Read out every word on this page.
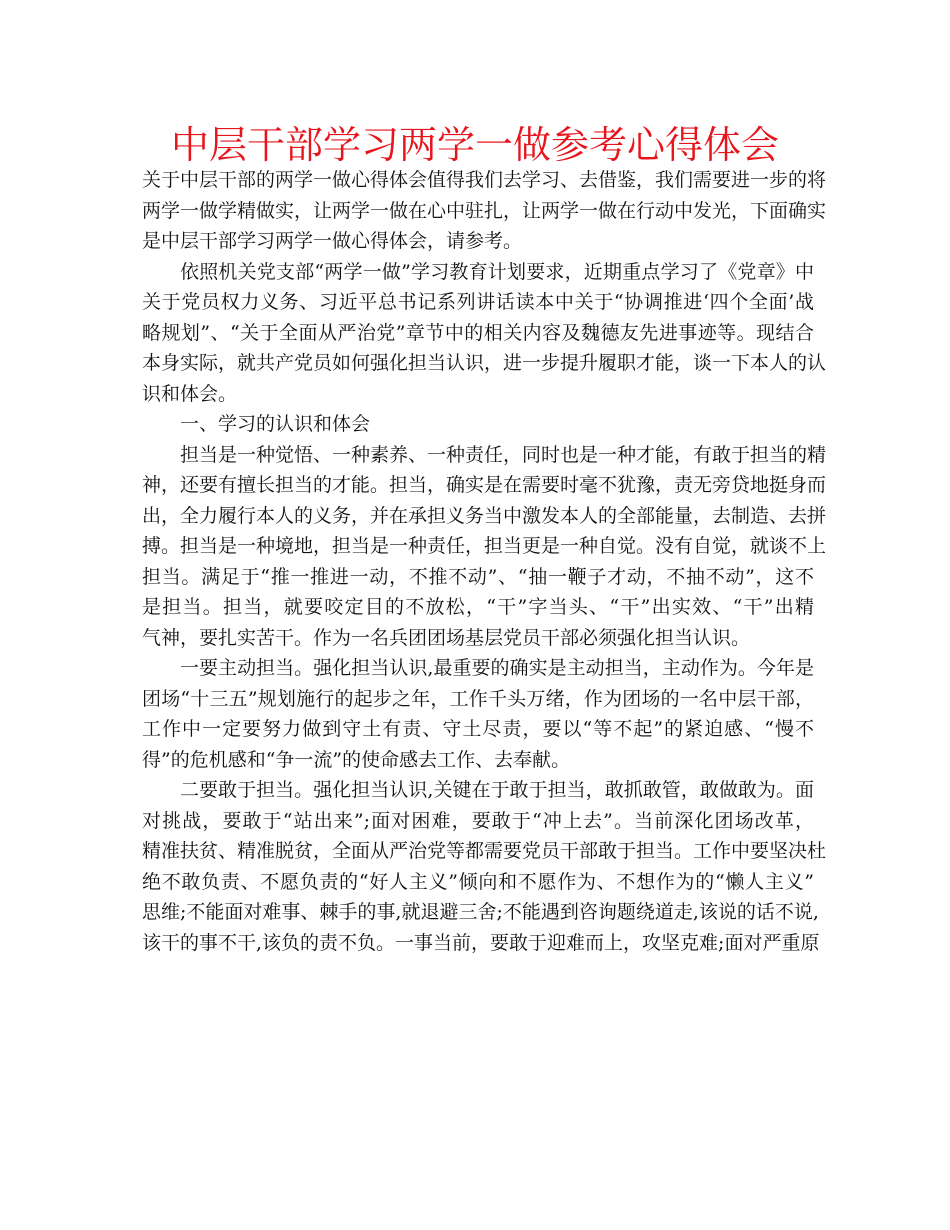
中层干部学习两学一做参考心得体会
关于中层干部的两学一做心得体会值得我们去学习、去借鉴，我们需要进一步的将
两学一做学精做实，让两学一做在心中驻扎，让两学一做在行动中发光，下面确实
是中层干部学习两学一做心得体会，请参考。
依照机关党支部“两学一做”学习教育计划要求，近期重点学习了《党章》中
关于党员权力义务、习近平总书记系列讲话读本中关于“协调推进‘四个全面’战
略规划”、“关于全面从严治党”章节中的相关内容及魏德友先进事迹等。现结合
本身实际，就共产党员如何强化担当认识，进一步提升履职才能，谈一下本人的认
识和体会。
一、学习的认识和体会
担当是一种觉悟、一种素养、一种责任，同时也是一种才能，有敢于担当的精
神，还要有擅长担当的才能。担当，确实是在需要时毫不犹豫，责无旁贷地挺身而
出，全力履行本人的义务，并在承担义务当中激发本人的全部能量，去制造、去拼
搏。担当是一种境地，担当是一种责任，担当更是一种自觉。没有自觉，就谈不上
担当。满足于“推一推进一动，不推不动”、“抽一鞭子才动，不抽不动”，这不
是担当。担当，就要咬定目的不放松，“干”字当头、“干”出实效、“干”出精
气神，要扎实苦干。作为一名兵团团场基层党员干部必须强化担当认识。
一要主动担当。强化担当认识,最重要的确实是主动担当，主动作为。今年是
团场“十三五”规划施行的起步之年，工作千头万绪，作为团场的一名中层干部，
工作中一定要努力做到守土有责、守土尽责，要以“等不起”的紧迫感、“慢不
得”的危机感和“争一流”的使命感去工作、去奉献。
二要敢于担当。强化担当认识,关键在于敢于担当，敢抓敢管，敢做敢为。面
对挑战，要敢于“站出来”;面对困难，要敢于“冲上去”。当前深化团场改革，
精准扶贫、精准脱贫，全面从严治党等都需要党员干部敢于担当。工作中要坚决杜
绝不敢负责、不愿负责的“好人主义”倾向和不愿作为、不想作为的“懒人主义”
思维;不能面对难事、棘手的事,就退避三舍;不能遇到咨询题绕道走,该说的话不说,
该干的事不干,该负的责不负。一事当前，要敢于迎难而上，攻坚克难;面对严重原
